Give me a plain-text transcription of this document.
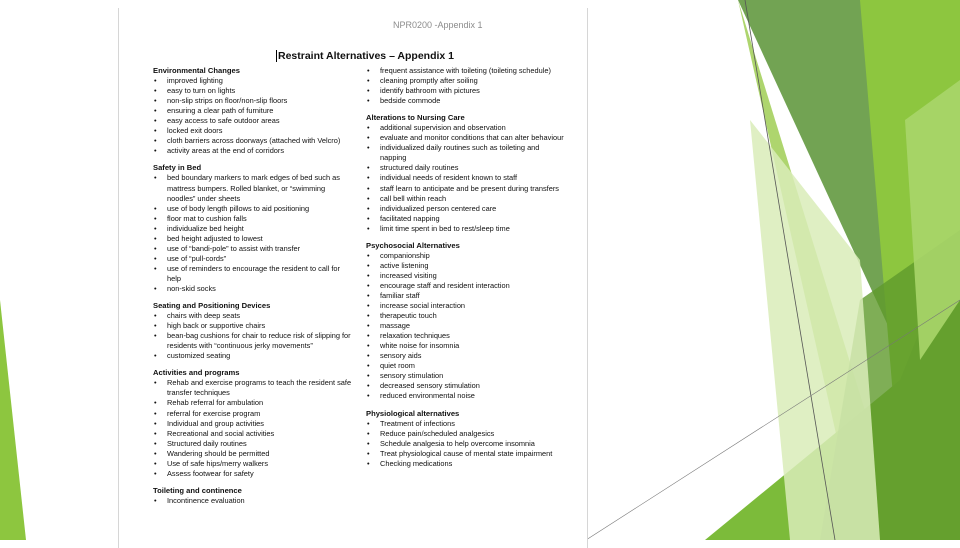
NPR0200 -Appendix 1
Restraint Alternatives – Appendix 1
Environmental Changes
• improved lighting
• easy to turn on lights
• non-slip strips on floor/non-slip floors
• ensuring a clear path of furniture
• easy access to safe outdoor areas
• locked exit doors
• cloth barriers across doorways (attached with Velcro)
• activity areas at the end of corridors
Safety in Bed
• bed boundary markers to mark edges of bed such as mattress bumpers. Rolled blanket, or “swimming noodles” under sheets
• use of body length pillows to aid positioning
• floor mat to cushion falls
• individualize bed height
• bed height adjusted to lowest
• use of “bandi-pole” to assist with transfer
• use of “pull-cords”
• use of reminders to encourage the resident to call for help
• non-skid socks
Seating and Positioning Devices
• chairs with deep seats
• high back or supportive chairs
• bean-bag cushions for chair to reduce risk of slipping for residents with “continuous jerky movements”
• customized seating
Activities and programs
• Rehab and exercise programs to teach the resident safe transfer techniques
• Rehab referral for ambulation
• referral for exercise program
• Individual and group activities
• Recreational and social activities
• Structured daily routines
• Wandering should be permitted
• Use of safe hips/merry walkers
• Assess footwear for safety
Toileting and continence
• Incontinence evaluation
• frequent assistance with toileting (toileting schedule)
• cleaning promptly after soiling
• identify bathroom with pictures
• bedside commode
Alterations to Nursing Care
• additional supervision and observation
• evaluate and monitor conditions that can alter behaviour
• individualized daily routines such as toileting and napping
• structured daily routines
• individual needs of resident known to staff
• staff learn to anticipate and be present during transfers
• call bell within reach
• individualized person centered care
• facilitated napping
• limit time spent in bed to rest/sleep time
Psychosocial Alternatives
• companionship
• active listening
• increased visiting
• encourage staff and resident interaction
• familiar staff
• increase social interaction
• therapeutic touch
• massage
• relaxation techniques
• white noise for insomnia
• sensory aids
• quiet room
• sensory stimulation
• decreased sensory stimulation
• reduced environmental noise
Physiological alternatives
• Treatment of infections
• Reduce pain/scheduled analgesics
• Schedule analgesia to help overcome insomnia
• Treat physiological cause of mental state impairment
• Checking medications
